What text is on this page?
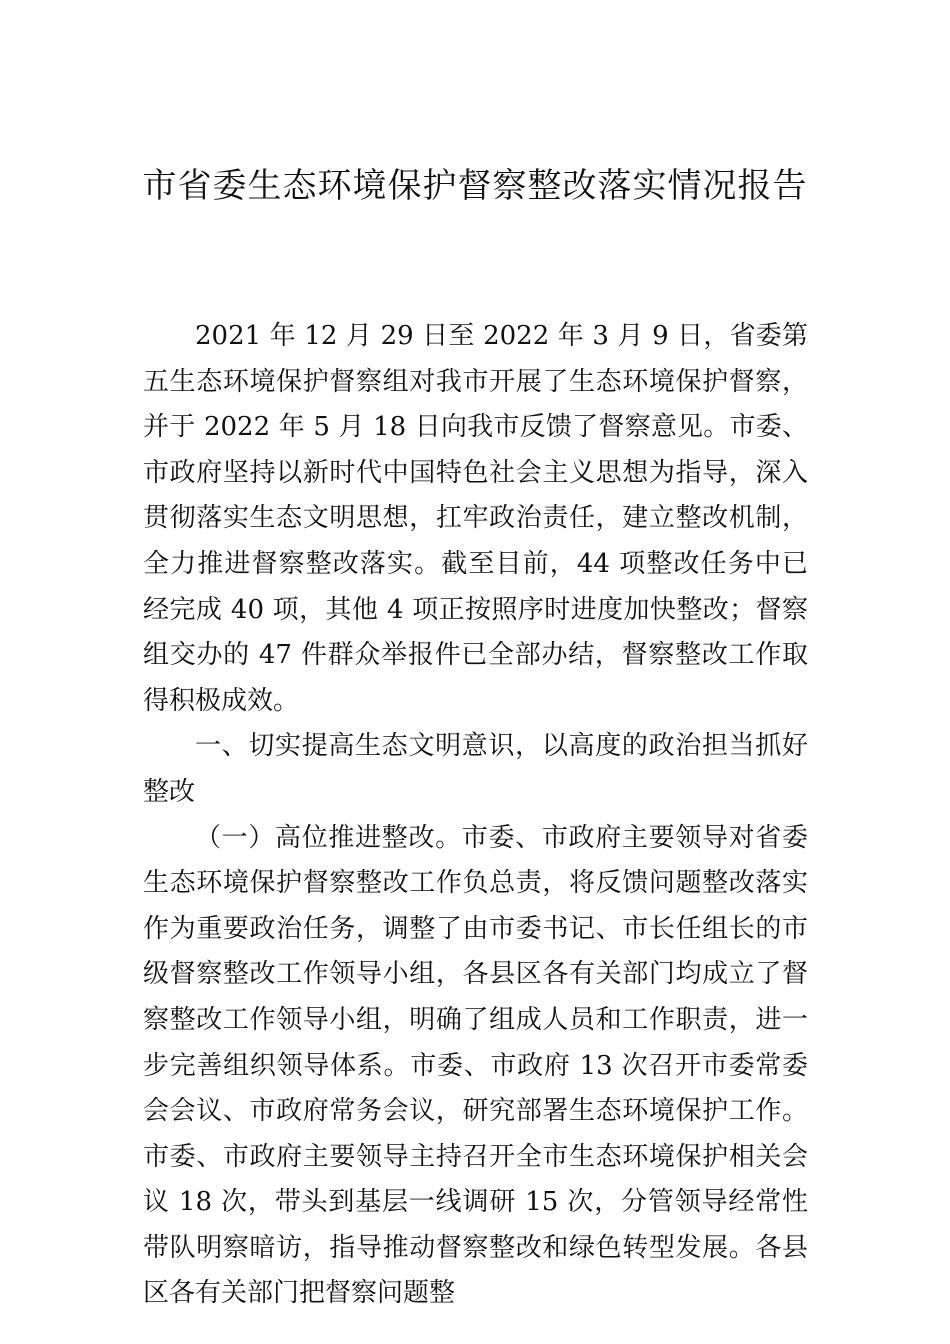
市省委生态环境保护督察整改落实情况报告

2021 年 12 月 29 日至 2022 年 3 月 9 日，省委第五生态环境保护督察组对我市开展了生态环境保护督察，并于 2022 年 5 月 18 日向我市反馈了督察意见。市委、市政府坚持以新时代中国特色社会主义思想为指导，深入贯彻落实生态文明思想，扛牢政治责任，建立整改机制，全力推进督察整改落实。截至目前，44 项整改任务中已经完成 40 项，其他 4 项正按照序时进度加快整改；督察组交办的 47 件群众举报件已全部办结，督察整改工作取得积极成效。

一、切实提高生态文明意识，以高度的政治担当抓好整改

（一）高位推进整改。市委、市政府主要领导对省委生态环境保护督察整改工作负总责，将反馈问题整改落实作为重要政治任务，调整了由市委书记、市长任组长的市级督察整改工作领导小组，各县区各有关部门均成立了督察整改工作领导小组，明确了组成人员和工作职责，进一步完善组织领导体系。市委、市政府 13 次召开市委常委会会议、市政府常务会议，研究部署生态环境保护工作。市委、市政府主要领导主持召开全市生态环境保护相关会议 18 次，带头到基层一线调研 15 次，分管领导经常性带队明察暗访，指导推动督察整改和绿色转型发展。各县区各有关部门把督察问题整
